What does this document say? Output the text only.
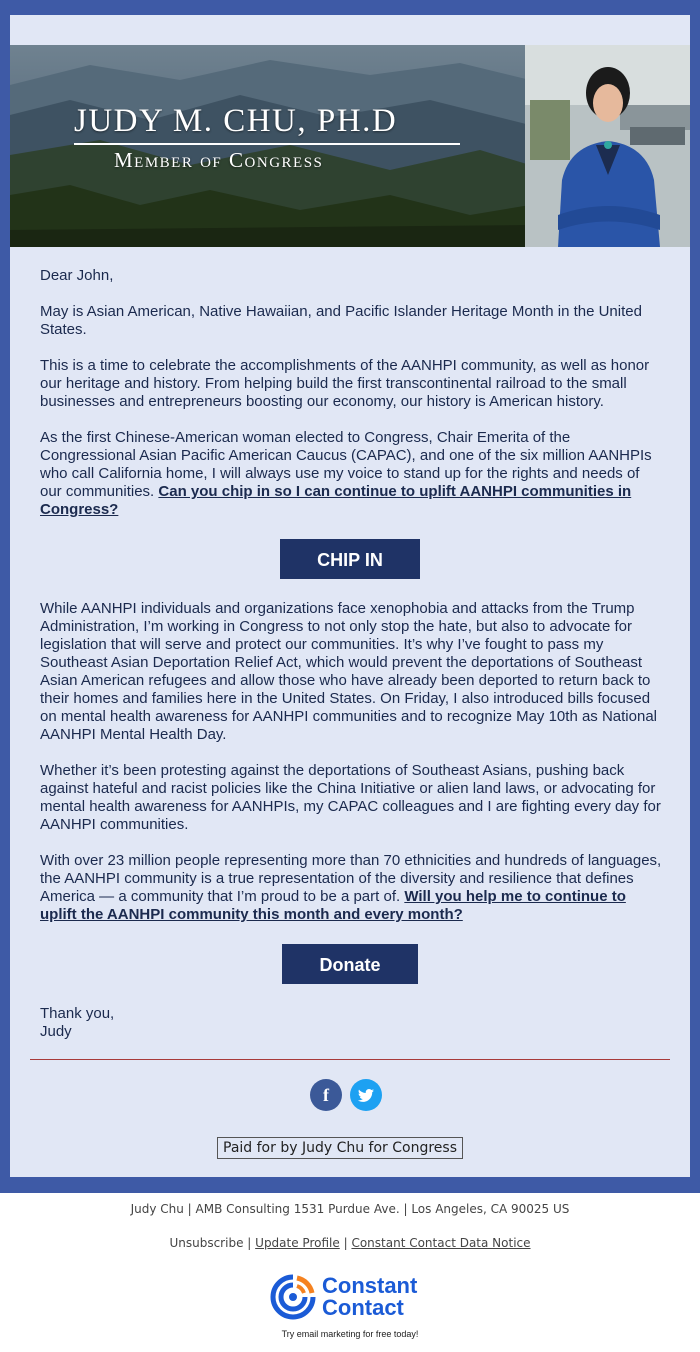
JUDY M. CHU, PH.D
Member of Congress

Dear John,

May is Asian American, Native Hawaiian, and Pacific Islander Heritage Month in the United States.

This is a time to celebrate the accomplishments of the AANHPI community, as well as honor our heritage and history. From helping build the first transcontinental railroad to the small businesses and entrepreneurs boosting our economy, our history is American history.

As the first Chinese-American woman elected to Congress, Chair Emerita of the Congressional Asian Pacific American Caucus (CAPAC), and one of the six million AANHPIs who call California home, I will always use my voice to stand up for the rights and needs of our communities. Can you chip in so I can continue to uplift AANHPI communities in Congress?

While AANHPI individuals and organizations face xenophobia and attacks from the Trump Administration, I’m working in Congress to not only stop the hate, but also to advocate for legislation that will serve and protect our communities. It’s why I’ve fought to pass my Southeast Asian Deportation Relief Act, which would prevent the deportations of Southeast Asian American refugees and allow those who have already been deported to return back to their homes and families here in the United States. On Friday, I also introduced bills focused on mental health awareness for AANHPI communities and to recognize May 10th as National AANHPI Mental Health Day.

Whether it’s been protesting against the deportations of Southeast Asians, pushing back against hateful and racist policies like the China Initiative or alien land laws, or advocating for mental health awareness for AANHPIs, my CAPAC colleagues and I are fighting every day for AANHPI communities.

With over 23 million people representing more than 70 ethnicities and hundreds of languages, the AANHPI community is a true representation of the diversity and resilience that defines America — a community that I’m proud to be a part of. Will you help me to continue to uplift the AANHPI community this month and every month?

Thank you,

Judy

CHIP IN
Donate
f
Paid for by Judy Chu for Congress
Judy Chu | AMB Consulting 1531 Purdue Ave. | Los Angeles, CA 90025 US
Unsubscribe | Update Profile | Constant Contact Data Notice
Constant
Contact
Try email marketing for free today!
